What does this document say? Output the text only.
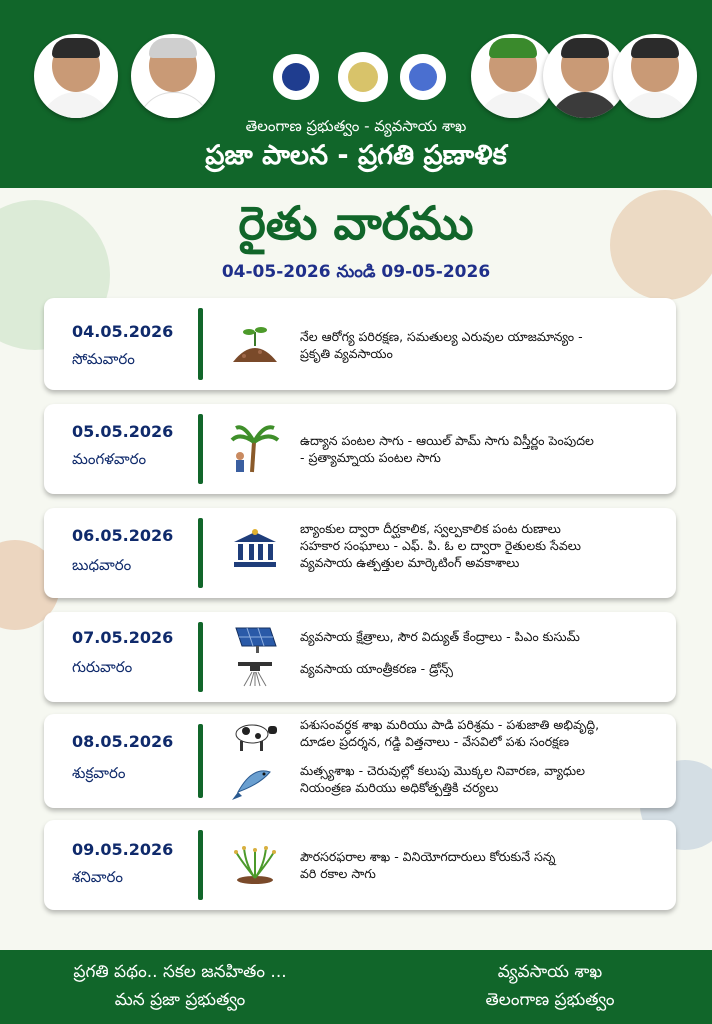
తెలంగాణ ప్రభుత్వం - వ్యవసాయ శాఖ
ప్రజా పాలన - ప్రగతి ప్రణాళిక
రైతు వారము
04-05-2026 నుండి 09-05-2026
04.05.2026
సోమవారం
నేల ఆరోగ్య పరిరక్షణ, సమతుల్య ఎరువుల యాజమాన్యం -
ప్రకృతి వ్యవసాయం
05.05.2026
మంగళవారం
ఉద్యాన పంటల సాగు - ఆయిల్ పామ్ సాగు విస్తీర్ణం పెంపుదల
- ప్రత్యామ్నాయ పంటల సాగు
06.05.2026
బుధవారం
బ్యాంకుల ద్వారా దీర్ఘకాలిక, స్వల్పకాలిక పంట రుణాలు
సహకార సంఘాలు - ఎఫ్. పి. ఓ ల ద్వారా రైతులకు సేవలు
వ్యవసాయ ఉత్పత్తుల మార్కెటింగ్ అవకాశాలు
07.05.2026
గురువారం
వ్యవసాయ క్షేత్రాలు, సౌర విద్యుత్ కేంద్రాలు - పిఎం కుసుమ్
వ్యవసాయ యాంత్రీకరణ - డ్రోన్స్
08.05.2026
శుక్రవారం
పశుసంవర్ధక శాఖ మరియు పాడి పరిశ్రమ - పశుజాతి అభివృద్ధి,
దూడల ప్రదర్శన, గడ్డి విత్తనాలు - వేసవిలో పశు సంరక్షణ
మత్స్యశాఖ - చెరువుల్లో కలుపు మొక్కల నివారణ, వ్యాధుల
నియంత్రణ మరియు అధికోత్పత్తికి చర్యలు
09.05.2026
శనివారం
పౌరసరఫరాల శాఖ - వినియోగదారులు కోరుకునే సన్న
వరి రకాల సాగు
ప్రగతి పథం.. సకల జనహితం ...
మన ప్రజా ప్రభుత్వం
వ్యవసాయ శాఖ
తెలంగాణ ప్రభుత్వం
